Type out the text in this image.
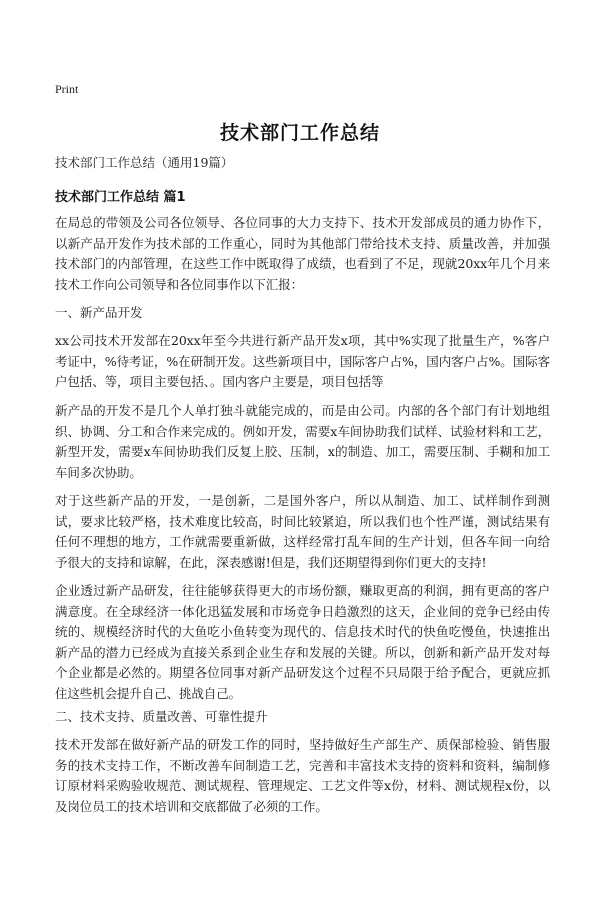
Print
技术部门工作总结
技术部门工作总结（通用19篇）
技术部门工作总结 篇1
在局总的带领及公司各位领导、各位同事的大力支持下、技术开发部成员的通力协作下，以新产品开发作为技术部的工作重心，同时为其他部门带给技术支持、质量改善，并加强技术部门的内部管理，在这些工作中既取得了成绩，也看到了不足，现就20xx年几个月来技术工作向公司领导和各位同事作以下汇报：
一、新产品开发
xx公司技术开发部在20xx年至今共进行新产品开发x项，其中%实现了批量生产，%客户考证中，%待考证，%在研制开发。这些新项目中，国际客户占%，国内客户占%。国际客户包括、等，项目主要包括、。国内客户主要是，项目包括等
新产品的开发不是几个人单打独斗就能完成的，而是由公司。内部的各个部门有计划地组织、协调、分工和合作来完成的。例如开发，需要x车间协助我们试样、试验材料和工艺，新型开发，需要x车间协助我们反复上胶、压制，x的制造、加工，需要压制、手糊和加工车间多次协助。
对于这些新产品的开发，一是创新，二是国外客户，所以从制造、加工、试样制作到测试，要求比较严格，技术难度比较高，时间比较紧迫，所以我们也个性严谨，测试结果有任何不理想的地方，工作就需要重新做，这样经常打乱车间的生产计划，但各车间一向给予很大的支持和谅解，在此，深表感谢!但是，我们还期望得到你们更大的支持!
企业透过新产品研发，往往能够获得更大的市场份额，赚取更高的利润，拥有更高的客户满意度。在全球经济一体化迅猛发展和市场竞争日趋激烈的这天，企业间的竞争已经由传统的、规模经济时代的大鱼吃小鱼转变为现代的、信息技术时代的快鱼吃慢鱼，快速推出新产品的潜力已经成为直接关系到企业生存和发展的关键。所以，创新和新产品开发对每个企业都是必然的。期望各位同事对新产品研发这个过程不只局限于给予配合，更就应抓住这些机会提升自己、挑战自己。
二、技术支持、质量改善、可靠性提升
技术开发部在做好新产品的研发工作的同时，坚持做好生产部生产、质保部检验、销售服务的技术支持工作，不断改善车间制造工艺，完善和丰富技术支持的资料和资料，编制修订原材料采购验收规范、测试规程、管理规定、工艺文件等x份，材料、测试规程x份，以及岗位员工的技术培训和交底都做了必须的工作。
